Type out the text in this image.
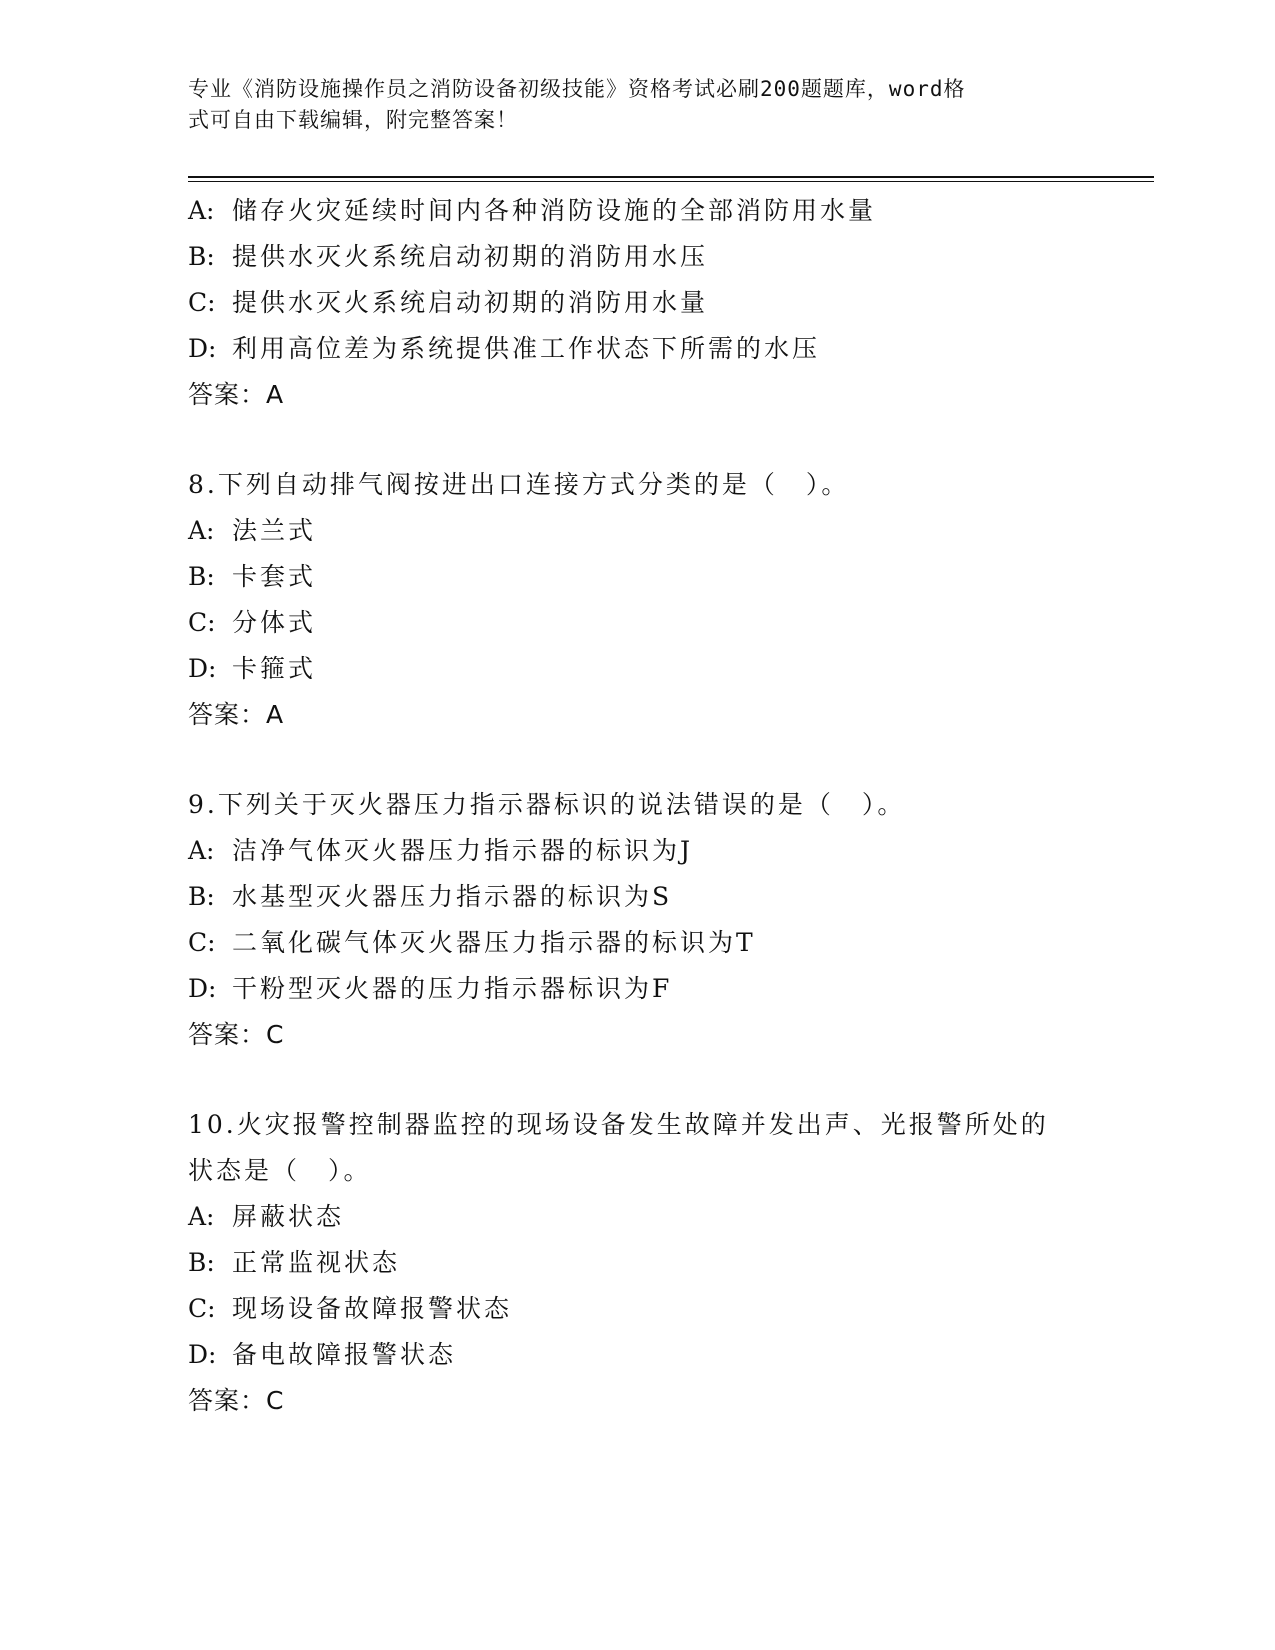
专业《消防设施操作员之消防设备初级技能》资格考试必刷200题题库，word格
式可自由下载编辑，附完整答案！
A: 储存火灾延续时间内各种消防设施的全部消防用水量
B: 提供水灭火系统启动初期的消防用水压
C: 提供水灭火系统启动初期的消防用水量
D: 利用高位差为系统提供准工作状态下所需的水压
答案：A
8.下列自动排气阀按进出口连接方式分类的是（　）。
A: 法兰式
B: 卡套式
C: 分体式
D: 卡箍式
答案：A
9.下列关于灭火器压力指示器标识的说法错误的是（　）。
A: 洁净气体灭火器压力指示器的标识为J
B: 水基型灭火器压力指示器的标识为S
C: 二氧化碳气体灭火器压力指示器的标识为T
D: 干粉型灭火器的压力指示器标识为F
答案：C
10.火灾报警控制器监控的现场设备发生故障并发出声、光报警所处的
状态是（　）。
A: 屏蔽状态
B: 正常监视状态
C: 现场设备故障报警状态
D: 备电故障报警状态
答案：C
